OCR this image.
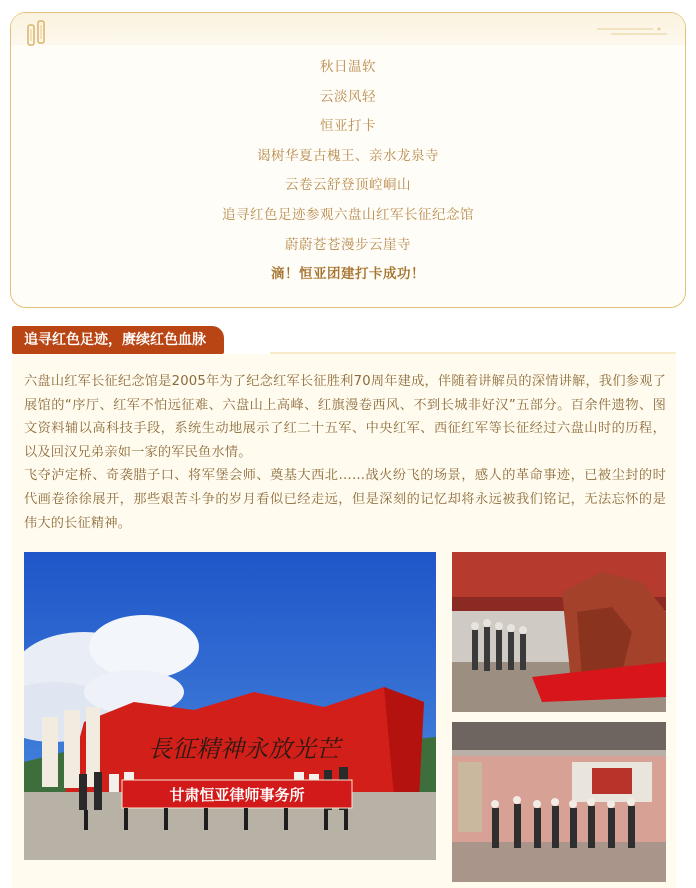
秋日温软
云淡风轻
恒亚打卡
谒树华夏古槐王、亲水龙泉寺
云卷云舒登顶崆峒山
追寻红色足迹参观六盘山红军长征纪念馆
蔚蔚苍苍漫步云崖寺
滴！恒亚团建打卡成功！
追寻红色足迹，赓续红色血脉

六盘山红军长征纪念馆是2005年为了纪念红军长征胜利70周年建成，伴随着讲解员的深情讲解，我们参观了展馆的“序厅、红军不怕远征难、六盘山上高峰、红旗漫卷西风、不到长城非好汉”五部分。百余件遗物、图文资料辅以高科技手段，系统生动地展示了红二十五军、中央红军、西征红军等长征经过六盘山时的历程，以及回汉兄弟亲如一家的军民鱼水情。

飞夺泸定桥、奇袭腊子口、将军堡会师、奠基大西北……战火纷飞的场景，感人的革命事迹，已被尘封的时代画卷徐徐展开，那些艰苦斗争的岁月看似已经走远，但是深刻的记忆却将永远被我们铭记，无法忘怀的是伟大的长征精神。

長征精神永放光芒
甘肃恒亚律师事务所
